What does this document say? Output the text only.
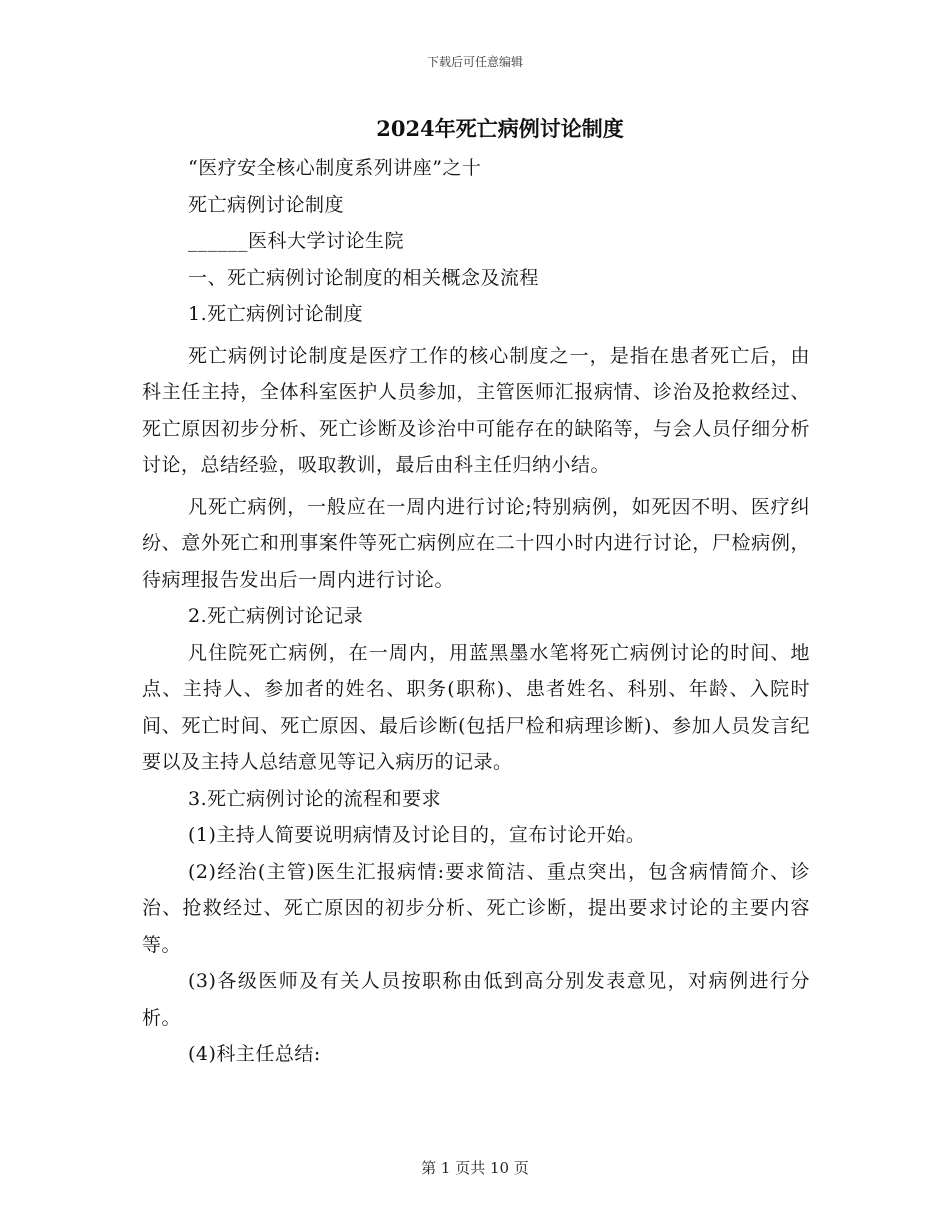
下载后可任意编辑
2024年死亡病例讨论制度

“医疗安全核心制度系列讲座”之十

死亡病例讨论制度

______医科大学讨论生院

一、死亡病例讨论制度的相关概念及流程

1.死亡病例讨论制度

死亡病例讨论制度是医疗工作的核心制度之一，是指在患者死亡后，由科主任主持，全体科室医护人员参加，主管医师汇报病情、诊治及抢救经过、死亡原因初步分析、死亡诊断及诊治中可能存在的缺陷等，与会人员仔细分析讨论，总结经验，吸取教训，最后由科主任归纳小结。

凡死亡病例，一般应在一周内进行讨论;特别病例，如死因不明、医疗纠纷、意外死亡和刑事案件等死亡病例应在二十四小时内进行讨论，尸检病例，待病理报告发出后一周内进行讨论。

2.死亡病例讨论记录

凡住院死亡病例，在一周内，用蓝黑墨水笔将死亡病例讨论的时间、地点、主持人、参加者的姓名、职务(职称)、患者姓名、科别、年龄、入院时间、死亡时间、死亡原因、最后诊断(包括尸检和病理诊断)、参加人员发言纪要以及主持人总结意见等记入病历的记录。

3.死亡病例讨论的流程和要求

(1)主持人简要说明病情及讨论目的，宣布讨论开始。

(2)经治(主管)医生汇报病情:要求简洁、重点突出，包含病情简介、诊治、抢救经过、死亡原因的初步分析、死亡诊断，提出要求讨论的主要内容等。

(3)各级医师及有关人员按职称由低到高分别发表意见，对病例进行分析。

(4)科主任总结:

第 1 页共 10 页
